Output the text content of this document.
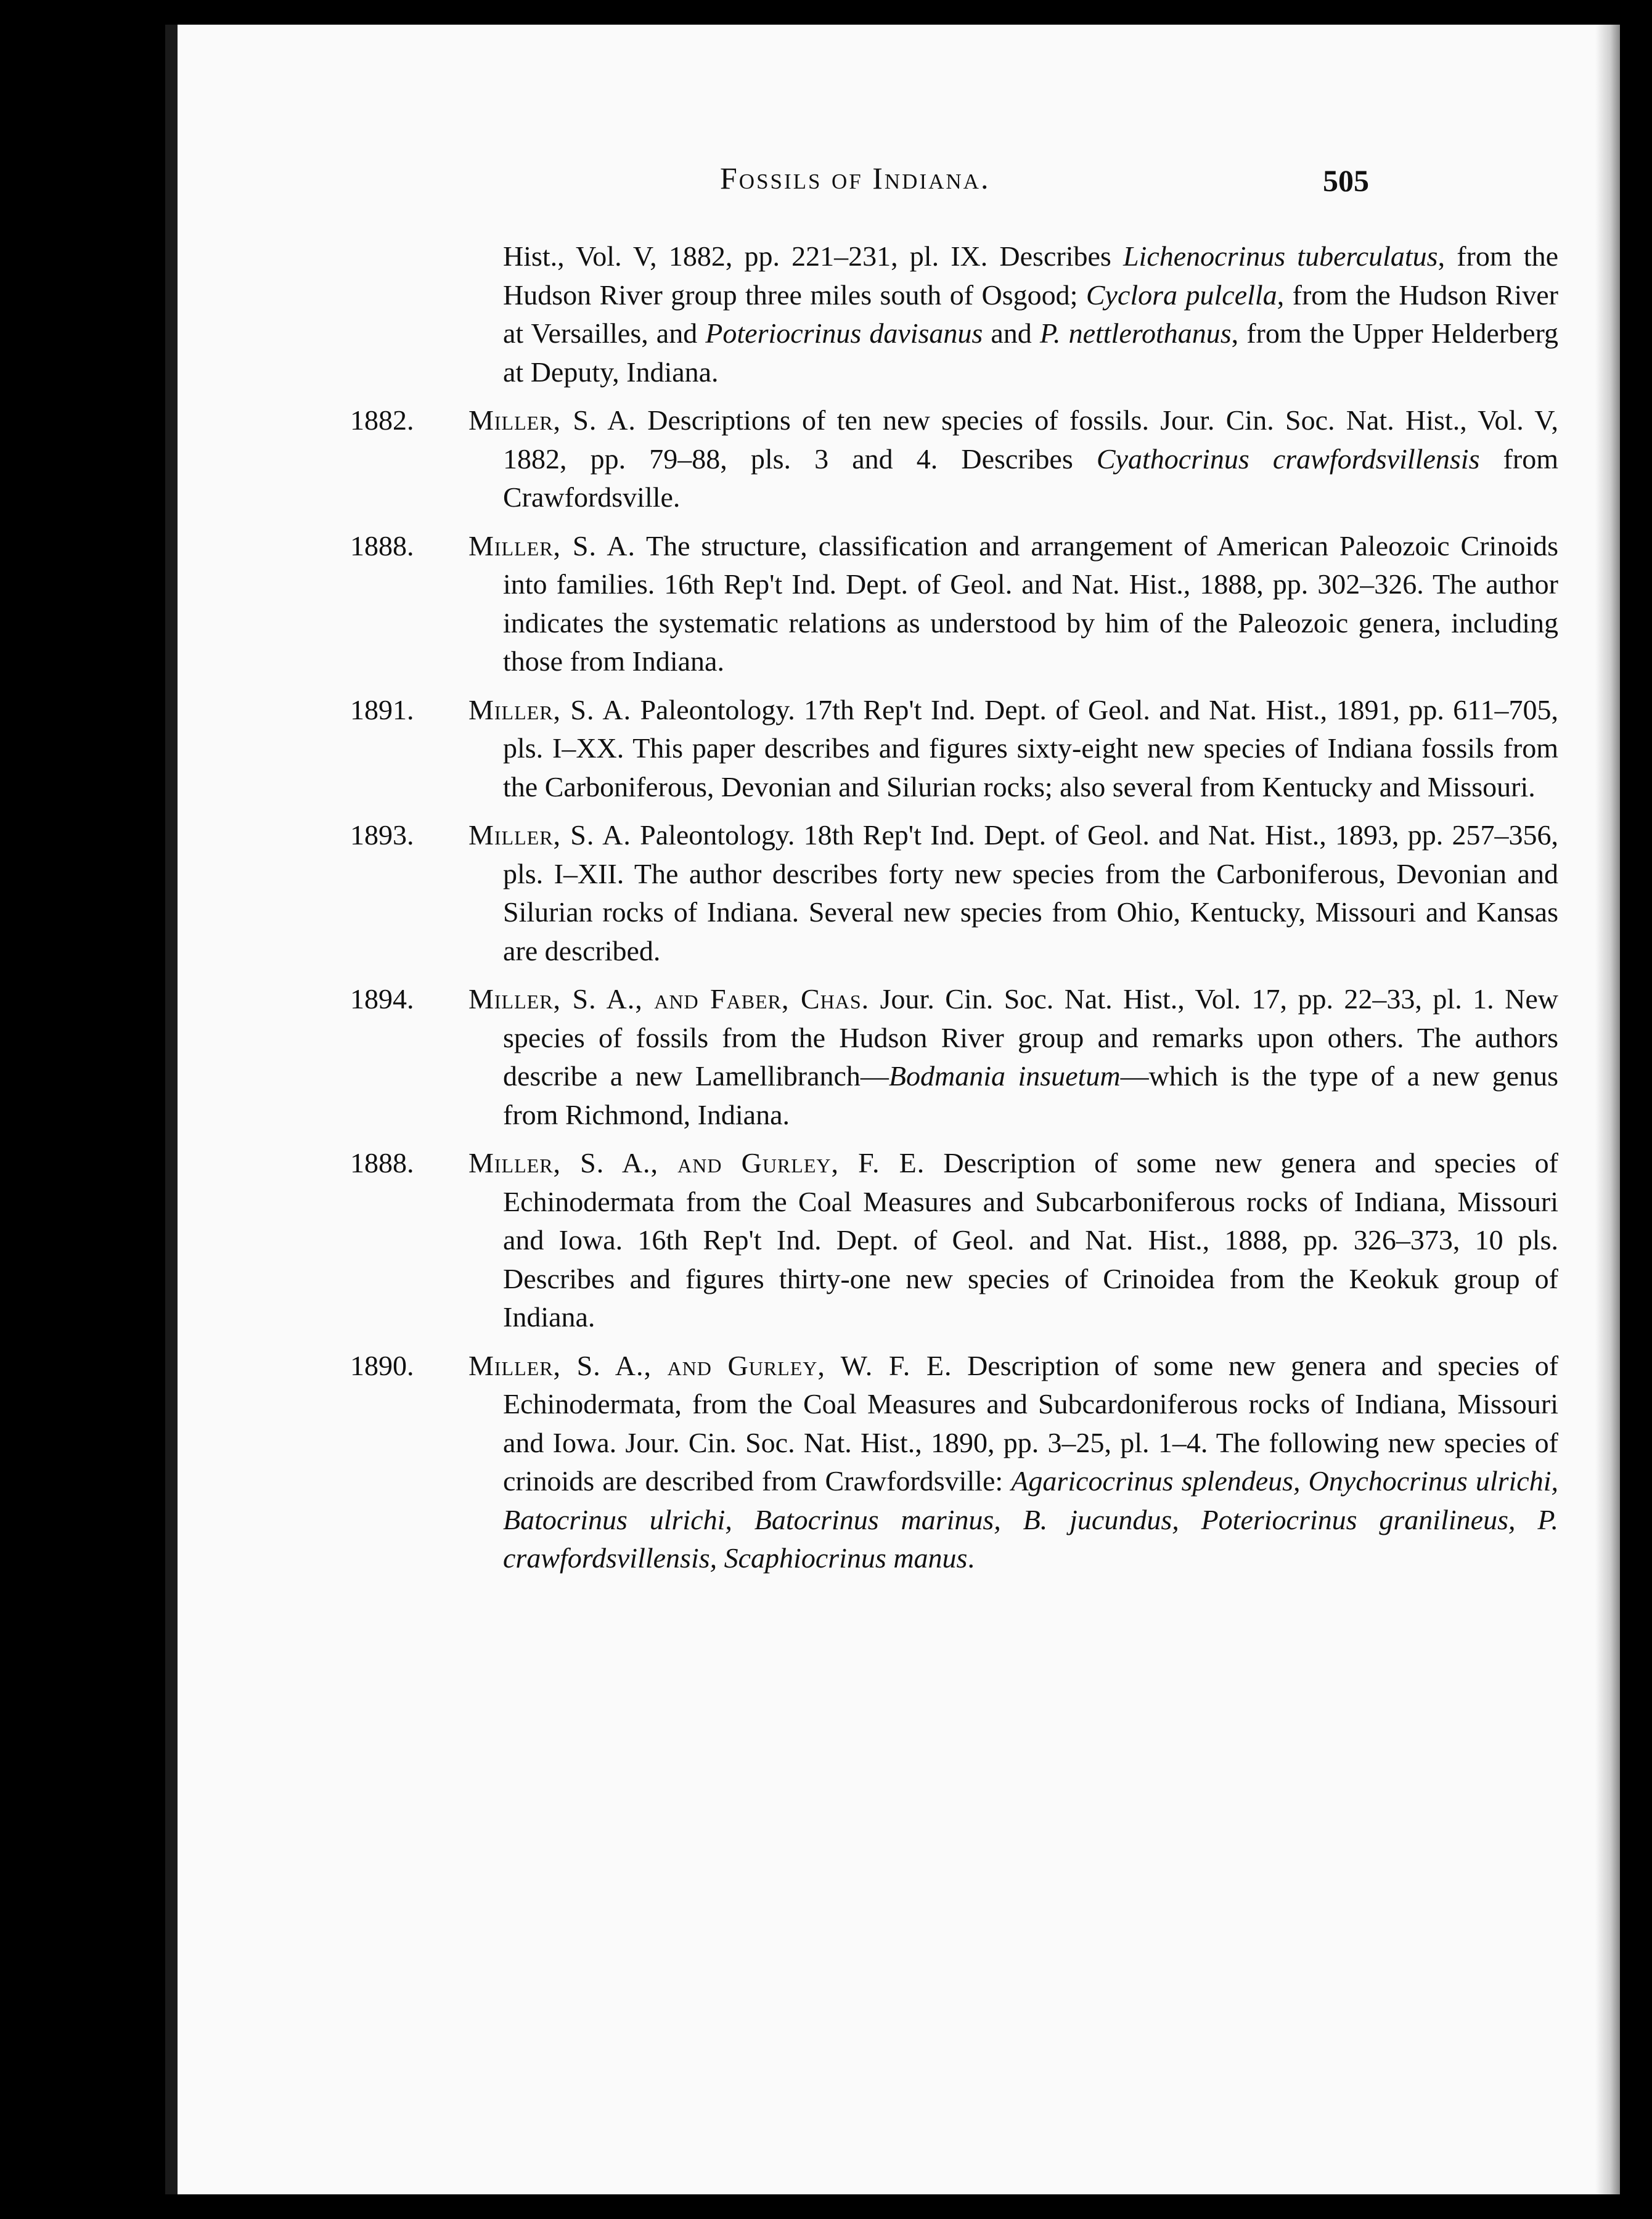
Fossils of Indiana.	505
Hist., Vol. V, 1882, pp. 221–231, pl. IX. Describes Lichenocrinus tuberculatus, from the Hudson River group three miles south of Osgood; Cyclora pulcella, from the Hudson River at Versailles, and Poteriocrinus davisanus and P. nettlerothanus, from the Upper Helderberg at Deputy, Indiana.
1882.	Miller, S. A. Descriptions of ten new species of fossils. Jour. Cin. Soc. Nat. Hist., Vol. V, 1882, pp. 79–88, pls. 3 and 4. Describes Cyathocrinus crawfordsvillensis from Crawfordsville.
1888.	Miller, S. A. The structure, classification and arrangement of American Paleozoic Crinoids into families. 16th Rep't Ind. Dept. of Geol. and Nat. Hist., 1888, pp. 302–326. The author indicates the systematic relations as understood by him of the Paleozoic genera, including those from Indiana.
1891.	Miller, S. A. Paleontology. 17th Rep't Ind. Dept. of Geol. and Nat. Hist., 1891, pp. 611–705, pls. I–XX. This paper describes and figures sixty-eight new species of Indiana fossils from the Carboniferous, Devonian and Silurian rocks; also several from Kentucky and Missouri.
1893.	Miller, S. A. Paleontology. 18th Rep't Ind. Dept. of Geol. and Nat. Hist., 1893, pp. 257–356, pls. I–XII. The author describes forty new species from the Carboniferous, Devonian and Silurian rocks of Indiana. Several new species from Ohio, Kentucky, Missouri and Kansas are described.
1894.	Miller, S. A., and Faber, Chas. Jour. Cin. Soc. Nat. Hist., Vol. 17, pp. 22–33, pl. 1. New species of fossils from the Hudson River group and remarks upon others. The authors describe a new Lamellibranch—Bodmania insuetum—which is the type of a new genus from Richmond, Indiana.
1888.	Miller, S. A., and Gurley, F. E. Description of some new genera and species of Echinodermata from the Coal Measures and Subcarboniferous rocks of Indiana, Missouri and Iowa. 16th Rep't Ind. Dept. of Geol. and Nat. Hist., 1888, pp. 326–373, 10 pls. Describes and figures thirty-one new species of Crinoidea from the Keokuk group of Indiana.
1890.	Miller, S. A., and Gurley, W. F. E. Description of some new genera and species of Echinodermata, from the Coal Measures and Subcardoniferous rocks of Indiana, Missouri and Iowa. Jour. Cin. Soc. Nat. Hist., 1890, pp. 3–25, pl. 1–4. The following new species of crinoids are described from Crawfordsville: Agaricocrinus splendeus, Onychocrinus ulrichi, Batocrinus ulrichi, Batocrinus marinus, B. jucundus, Poteriocrinus granilineus, P. crawfordsvillensis, Scaphiocrinus manus.
